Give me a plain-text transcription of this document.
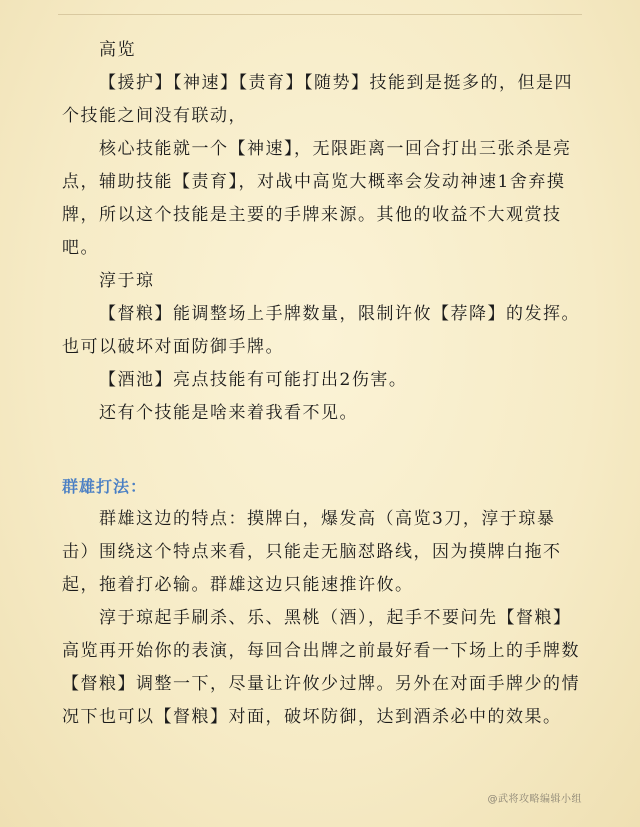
高览

【援护】【神速】【责育】【随势】技能到是挺多的，但是四个技能之间没有联动，

核心技能就一个【神速】，无限距离一回合打出三张杀是亮点，辅助技能【责育】，对战中高览大概率会发动神速1舍弃摸牌，所以这个技能是主要的手牌来源。其他的收益不大观赏技吧。

淳于琼

【督粮】能调整场上手牌数量，限制许攸【荐降】的发挥。也可以破坏对面防御手牌。

【酒池】亮点技能有可能打出2伤害。

还有个技能是啥来着我看不见。

群雄打法：

群雄这边的特点：摸牌白，爆发高（高览3刀，淳于琼暴击）围绕这个特点来看，只能走无脑怼路线，因为摸牌白拖不起，拖着打必输。群雄这边只能速推许攸。

淳于琼起手刷杀、乐、黑桃（酒），起手不要问先【督粮】高览再开始你的表演，每回合出牌之前最好看一下场上的手牌数【督粮】调整一下，尽量让许攸少过牌。另外在对面手牌少的情况下也可以【督粮】对面，破坏防御，达到酒杀必中的效果。

@武将攻略编辑小组
